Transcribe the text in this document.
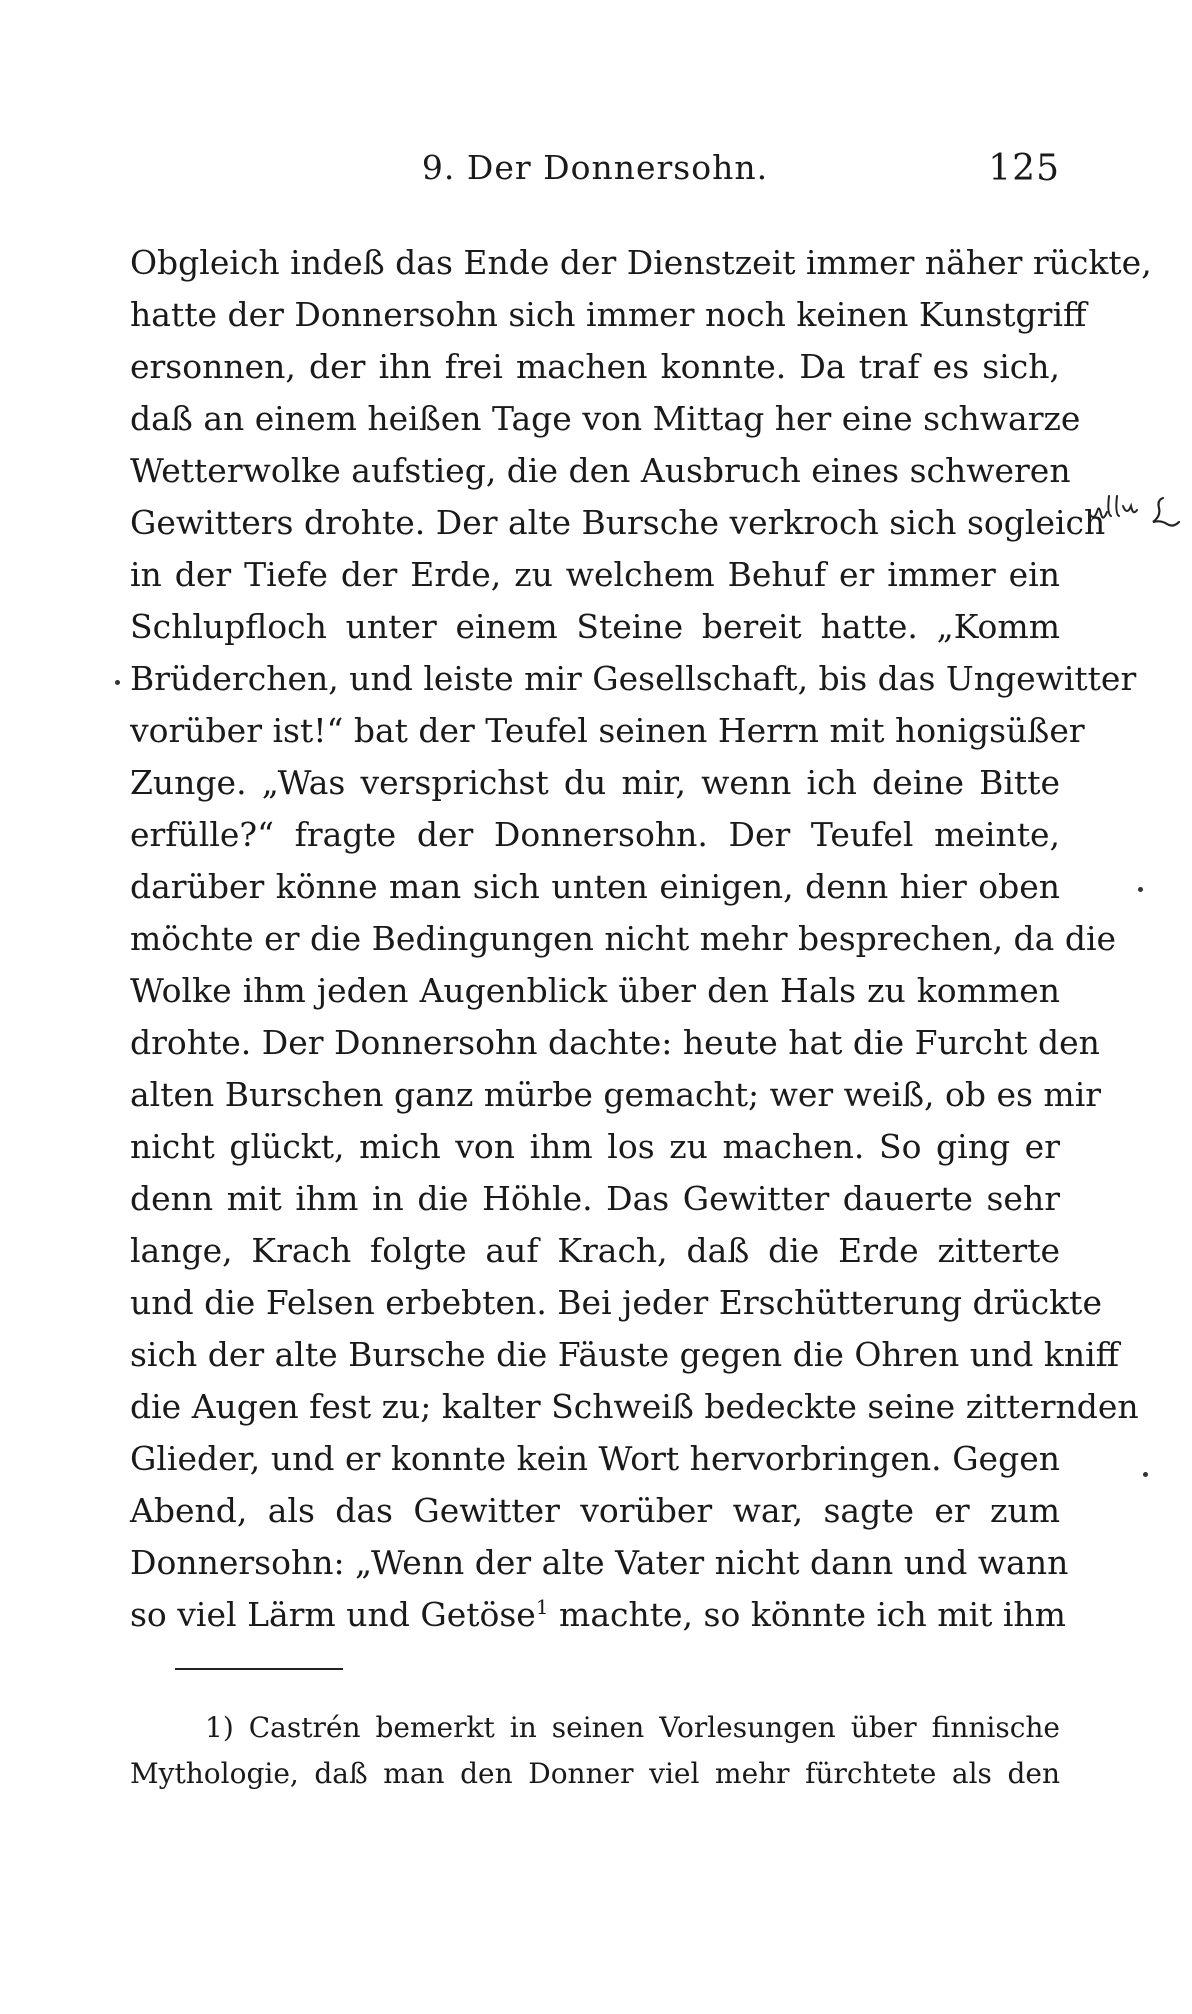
9. Der Donnersohn.	125
Obgleich indeß das Ende der Dienstzeit immer näher rückte,
hatte der Donnersohn sich immer noch keinen Kunstgriff
ersonnen, der ihn frei machen konnte. Da traf es sich,
daß an einem heißen Tage von Mittag her eine schwarze
Wetterwolke aufstieg, die den Ausbruch eines schweren
Gewitters drohte. Der alte Bursche verkroch sich sogleich
in der Tiefe der Erde, zu welchem Behuf er immer ein
Schlupfloch unter einem Steine bereit hatte. „Komm
Brüderchen, und leiste mir Gesellschaft, bis das Ungewitter
vorüber ist!“ bat der Teufel seinen Herrn mit honigsüßer
Zunge. „Was versprichst du mir, wenn ich deine Bitte
erfülle?“ fragte der Donnersohn. Der Teufel meinte,
darüber könne man sich unten einigen, denn hier oben
möchte er die Bedingungen nicht mehr besprechen, da die
Wolke ihm jeden Augenblick über den Hals zu kommen
drohte. Der Donnersohn dachte: heute hat die Furcht den
alten Burschen ganz mürbe gemacht; wer weiß, ob es mir
nicht glückt, mich von ihm los zu machen. So ging er
denn mit ihm in die Höhle. Das Gewitter dauerte sehr
lange, Krach folgte auf Krach, daß die Erde zitterte
und die Felsen erbebten. Bei jeder Erschütterung drückte
sich der alte Bursche die Fäuste gegen die Ohren und kniff
die Augen fest zu; kalter Schweiß bedeckte seine zitternden
Glieder, und er konnte kein Wort hervorbringen. Gegen
Abend, als das Gewitter vorüber war, sagte er zum
Donnersohn: „Wenn der alte Vater nicht dann und wann
so viel Lärm und Getöse$^1$ machte, so könnte ich mit ihm
1) Castrén bemerkt in seinen Vorlesungen über finnische
Mythologie, daß man den Donner viel mehr fürchtete als den
